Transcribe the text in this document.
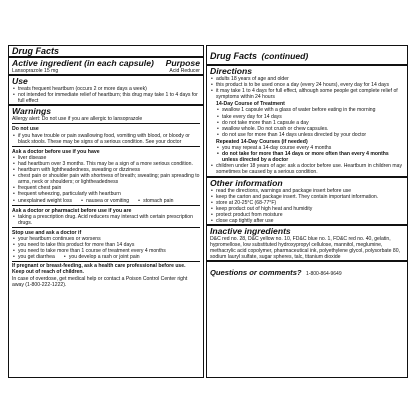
Drug Facts
Active ingredient (in each capsule) Purpose
Lansoprazole 15 mg	Acid Reducer
Use
• treats frequent heartburn (occurs 2 or more days a week)
• not intended for immediate relief of heartburn; this drug may take 1 to 4 days for full effect
Warnings
Allergy alert: Do not use if you are allergic to lansoprazole
Do not use
• if you have trouble or pain swallowing food, vomiting with blood, or bloody or black stools. These may be signs of a serious condition. See your doctor
Ask a doctor before use if you have
• liver disease
• had heartburn over 3 months. This may be a sign of a more serious condition.
• heartburn with lightheadedness, sweating or dizziness
• chest pain or shoulder pain with shortness of breath; sweating; pain spreading to arms, neck or shoulders; or lightheadedness
• frequent chest pain
• frequent wheezing, particularly with heartburn
• unexplained weight loss	• nausea or vomiting	• stomach pain
Ask a doctor or pharmacist before use if you are
• taking a prescription drug. Acid reducers may interact with certain prescription drugs.
Stop use and ask a doctor if
• your heartburn continues or worsens
• you need to take this product for more than 14 days
• you need to take more than 1 course of treatment every 4 months
• you get diarrhea	• you develop a rash or joint pain
If pregnant or breast-feeding, ask a health care professional before use.
Keep out of reach of children.
In case of overdose, get medical help or contact a Poison Control Center right away (1-800-222-1222).
Drug Facts (continued)
Directions
• adults 18 years of age and older
• this product is to be used once a day (every 24 hours), every day for 14 days
• it may take 1 to 4 days for full effect, although some people get complete relief of symptoms within 24 hours
14-Day Course of Treatment
• swallow 1 capsule with a glass of water before eating in the morning
• take every day for 14 days
• do not take more than 1 capsule a day
• swallow whole. Do not crush or chew capsules.
• do not use for more than 14 days unless directed by your doctor
Repeated 14-Day Courses (if needed)
• you may repeat a 14-day course every 4 months
• do not take for more than 14 days or more often than every 4 months unless directed by a doctor
• children under 18 years of age: ask a doctor before use. Heartburn in children may sometimes be caused by a serious condition.
Other information
• read the directions, warnings and package insert before use
• keep the carton and package insert. They contain important information.
• store at 20-25°C (68-77°F)
• keep product out of high heat and humidity
• protect product from moisture
• close cap tightly after use
Inactive ingredients
D&C red no. 28, D&C yellow no. 10, FD&C blue no. 1, FD&C red no. 40, gelatin, hypromellose, low substituted hydroxypropyl cellulose, mannitol, meglumine, methacrylic acid copolymer, pharmaceutical ink, polyethylene glycol, polysorbate 80, sodium lauryl sulfate, sugar spheres, talc, titanium dioxide
Questions or comments? 1-800-864-9649
